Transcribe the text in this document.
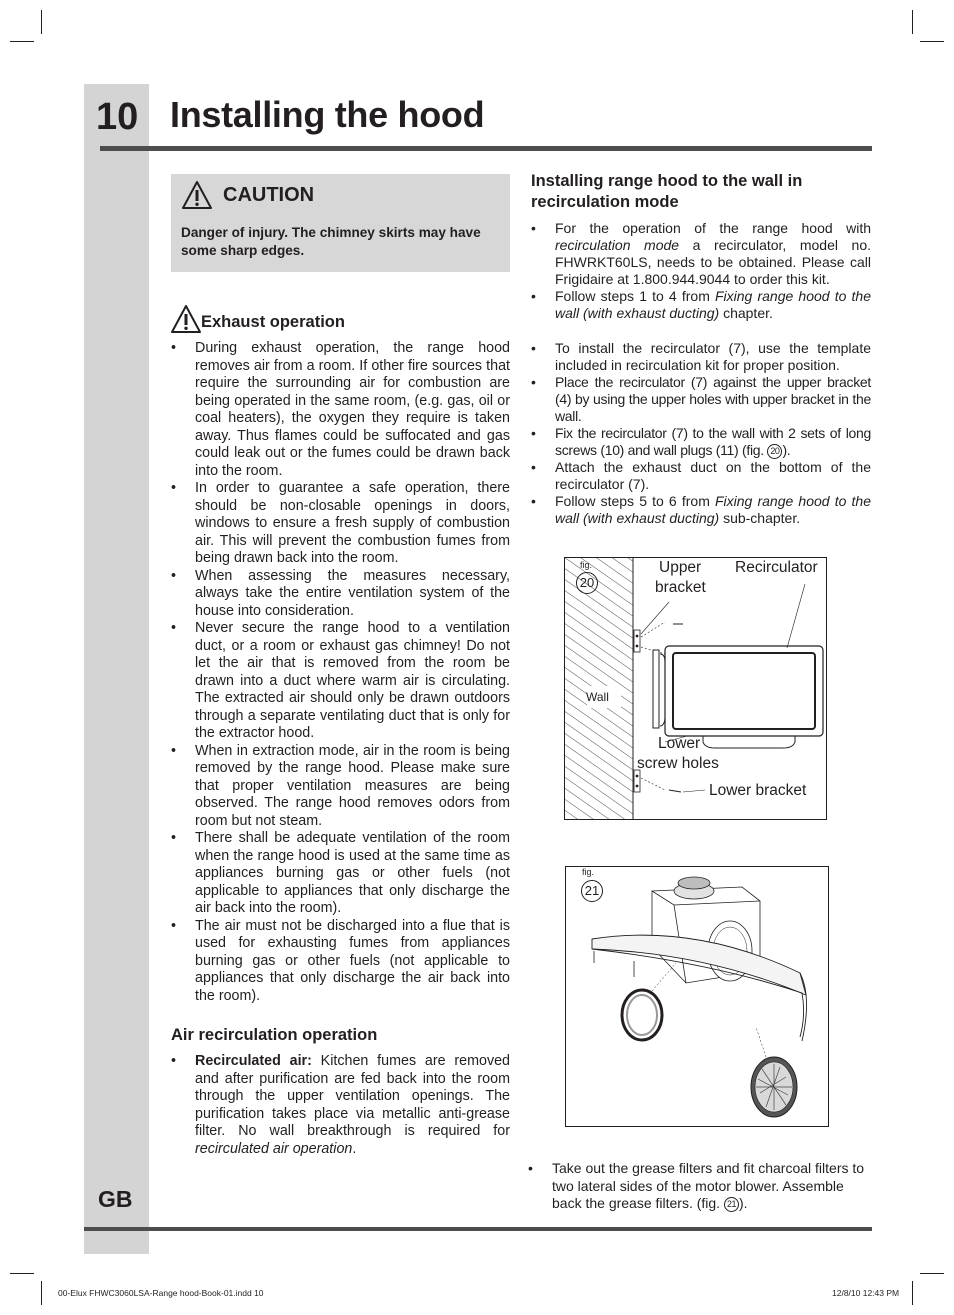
10 Installing the hood
CAUTION
Danger of injury. The chimney skirts may have some sharp edges.
Exhaust operation
• During exhaust operation, the range hood removes air from a room. If other fire sources that require the surrounding air for combustion are being operated in the same room, (e.g. gas, oil or coal heaters), the oxygen they require is taken away. Thus flames could be suffocated and gas could leak out or the fumes could be drawn back into the room.
• In order to guarantee a safe operation, there should be non-closable openings in doors, windows to ensure a fresh supply of combustion air. This will prevent the combustion fumes from being drawn back into the room.
• When assessing the measures necessary, always take the entire ventilation system of the house into consideration.
• Never secure the range hood to a ventilation duct, or a room or exhaust gas chimney! Do not let the air that is removed from the room be drawn into a duct where warm air is circulating. The extracted air should only be drawn outdoors through a separate ventilating duct that is only for the extractor hood.
• When in extraction mode, air in the room is being removed by the range hood. Please make sure that proper ventilation measures are being observed. The range hood removes odors from room but not steam.
• There shall be adequate ventilation of the room when the range hood is used at the same time as appliances burning gas or other fuels (not applicable to appliances that only discharge the air back into the room).
• The air must not be discharged into a flue that is used for exhausting fumes from appliances burning gas or other fuels (not applicable to appliances that only discharge the air back into the room).
Air recirculation operation
• Recirculated air: Kitchen fumes are removed and after purification are fed back into the room through the upper ventilation openings. The purification takes place via metallic anti-grease filter. No wall breakthrough is required for recirculated air operation.
GB
Installing range hood to the wall in recirculation mode
• For the operation of the range hood with recirculation mode a recirculator, model no. FHWRKT60LS, needs to be obtained. Please call Frigidaire at 1.800.944.9044 to order this kit.
• Follow steps 1 to 4 from Fixing range hood to the wall (with exhaust ducting) chapter.
• To install the recirculator (7), use the template included in recirculation kit for proper position.
• Place the recirculator (7) against the upper bracket (4) by using the upper holes with upper bracket in the wall.
• Fix the recirculator (7) to the wall with 2 sets of long screws (10) and wall plugs (11) (fig. 20 ).
• Attach the exhaust duct on the bottom of the recirculator (7).
• Follow steps 5 to 6 from Fixing range hood to the wall (with exhaust ducting) sub-chapter.
fig.
20
Upper
bracket
Recirculator
Wall
Lower
screw holes
Lower bracket
fig.
21
• Take out the grease filters and fit charcoal filters to two lateral sides of the motor blower. Assemble back the grease filters. (fig. 21 ).
00-Elux FHWC3060LSA-Range hood-Book-01.indd 10	12/8/10 12:43 PM
